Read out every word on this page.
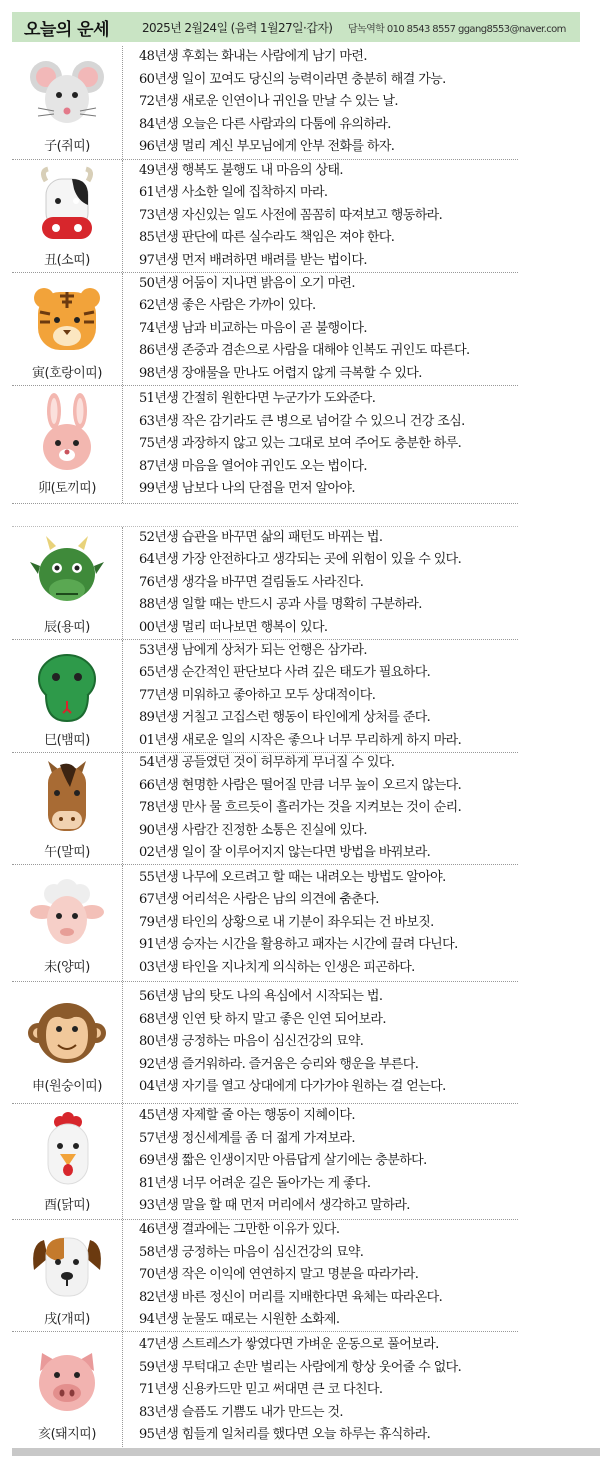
오늘의 운세	2025년 2월24일 (음력 1월27일·갑자)	담녹역학 010 8543 8557 ggang8553@naver.com
子(쥐띠)
48년생 후회는 화내는 사람에게 남기 마련.
60년생 일이 꼬여도 당신의 능력이라면 충분히 해결 가능.
72년생 새로운 인연이나 귀인을 만날 수 있는 날.
84년생 오늘은 다른 사람과의 다툼에 유의하라.
96년생 멀리 계신 부모님에게 안부 전화를 하자.
丑(소띠)
49년생 행복도 불행도 내 마음의 상태.
61년생 사소한 일에 집착하지 마라.
73년생 자신있는 일도 사전에 꼼꼼히 따져보고 행동하라.
85년생 판단에 따른 실수라도 책임은 져야 한다.
97년생 먼저 배려하면 배려를 받는 법이다.
寅(호랑이띠)
50년생 어둠이 지나면 밝음이 오기 마련.
62년생 좋은 사람은 가까이 있다.
74년생 남과 비교하는 마음이 곧 불행이다.
86년생 존중과 겸손으로 사람을 대해야 인복도 귀인도 따른다.
98년생 장애물을 만나도 어렵지 않게 극복할 수 있다.
卯(토끼띠)
51년생 간절히 원한다면 누군가가 도와준다.
63년생 작은 감기라도 큰 병으로 넘어갈 수 있으니 건강 조심.
75년생 과장하지 않고 있는 그대로 보여 주어도 충분한 하루.
87년생 마음을 열어야 귀인도 오는 법이다.
99년생 남보다 나의 단점을 먼저 알아야.
辰(용띠)
52년생 습관을 바꾸면 삶의 패턴도 바뀌는 법.
64년생 가장 안전하다고 생각되는 곳에 위험이 있을 수 있다.
76년생 생각을 바꾸면 걸림돌도 사라진다.
88년생 일할 때는 반드시 공과 사를 명확히 구분하라.
00년생 멀리 떠나보면 행복이 있다.
巳(뱀띠)
53년생 남에게 상처가 되는 언행은 삼가라.
65년생 순간적인 판단보다 사려 깊은 태도가 필요하다.
77년생 미워하고 좋아하고 모두 상대적이다.
89년생 거칠고 고집스런 행동이 타인에게 상처를 준다.
01년생 새로운 일의 시작은 좋으나 너무 무리하게 하지 마라.
午(말띠)
54년생 공들였던 것이 허무하게 무너질 수 있다.
66년생 현명한 사람은 떨어질 만큼 너무 높이 오르지 않는다.
78년생 만사 물 흐르듯이 흘러가는 것을 지켜보는 것이 순리.
90년생 사람간 진정한 소통은 진실에 있다.
02년생 일이 잘 이루어지지 않는다면 방법을 바꿔보라.
未(양띠)
55년생 나무에 오르려고 할 때는 내려오는 방법도 알아야.
67년생 어리석은 사람은 남의 의견에 춤춘다.
79년생 타인의 상황으로 내 기분이 좌우되는 건 바보짓.
91년생 승자는 시간을 활용하고 패자는 시간에 끌려 다닌다.
03년생 타인을 지나치게 의식하는 인생은 피곤하다.
申(원숭이띠)
56년생 남의 탓도 나의 욕심에서 시작되는 법.
68년생 인연 탓 하지 말고 좋은 인연 되어보라.
80년생 긍정하는 마음이 심신건강의 묘약.
92년생 즐거워하라. 즐거움은 승리와 행운을 부른다.
04년생 자기를 열고 상대에게 다가가야 원하는 걸 얻는다.
酉(닭띠)
45년생 자제할 줄 아는 행동이 지혜이다.
57년생 정신세계를 좀 더 젊게 가져보라.
69년생 짧은 인생이지만 아름답게 살기에는 충분하다.
81년생 너무 어려운 길은 돌아가는 게 좋다.
93년생 말을 할 때 먼저 머리에서 생각하고 말하라.
戌(개띠)
46년생 결과에는 그만한 이유가 있다.
58년생 긍정하는 마음이 심신건강의 묘약.
70년생 작은 이익에 연연하지 말고 명분을 따라가라.
82년생 바른 정신이 머리를 지배한다면 육체는 따라온다.
94년생 눈물도 때로는 시원한 소화제.
亥(돼지띠)
47년생 스트레스가 쌓였다면 가벼운 운동으로 풀어보라.
59년생 무턱대고 손만 벌리는 사람에게 항상 웃어줄 수 없다.
71년생 신용카드만 믿고 써대면 큰 코 다친다.
83년생 슬픔도 기쁨도 내가 만드는 것.
95년생 힘들게 일처리를 했다면 오늘 하루는 휴식하라.
